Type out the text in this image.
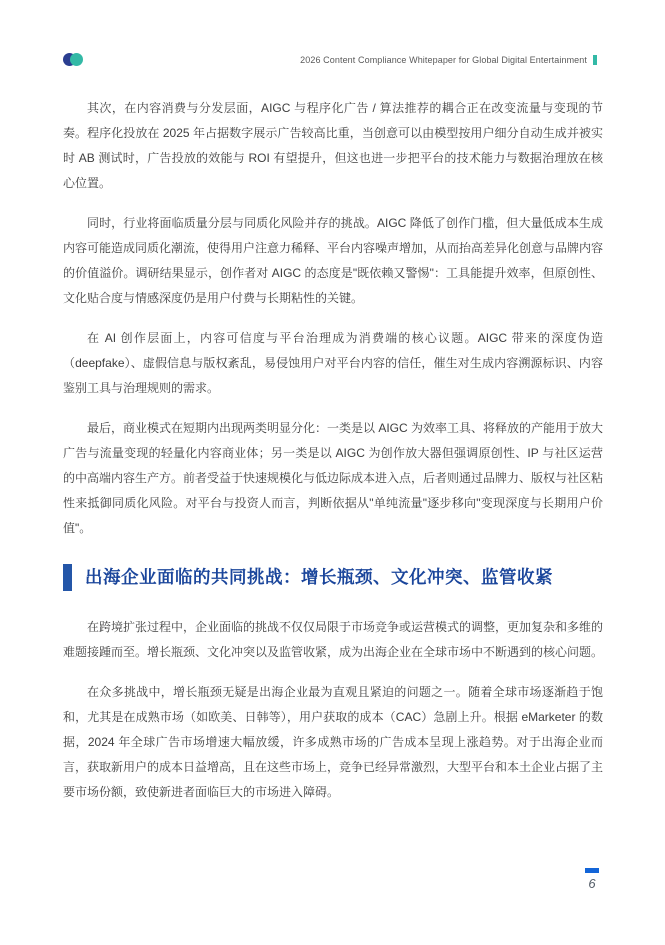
2026 Content Compliance Whitepaper for Global Digital Entertainment

其次，在内容消费与分发层面，AIGC 与程序化广告 / 算法推荐的耦合正在改变流量与变现的节奏。程序化投放在 2025 年占据数字展示广告较高比重，当创意可以由模型按用户细分自动生成并被实时 AB 测试时，广告投放的效能与 ROI 有望提升，但这也进一步把平台的技术能力与数据治理放在核心位置。

同时，行业将面临质量分层与同质化风险并存的挑战。AIGC 降低了创作门槛，但大量低成本生成内容可能造成同质化潮流，使得用户注意力稀释、平台内容噪声增加，从而抬高差异化创意与品牌内容的价值溢价。调研结果显示，创作者对 AIGC 的态度是"既依赖又警惕"：工具能提升效率，但原创性、文化贴合度与情感深度仍是用户付费与长期粘性的关键。

在 AI 创作层面上，内容可信度与平台治理成为消费端的核心议题。AIGC 带来的深度伪造（deepfake）、虚假信息与版权紊乱，易侵蚀用户对平台内容的信任，催生对生成内容溯源标识、内容鉴别工具与治理规则的需求。

最后，商业模式在短期内出现两类明显分化：一类是以 AIGC 为效率工具、将释放的产能用于放大广告与流量变现的轻量化内容商业体；另一类是以 AIGC 为创作放大器但强调原创性、IP 与社区运营的中高端内容生产方。前者受益于快速规模化与低边际成本进入点，后者则通过品牌力、版权与社区粘性来抵御同质化风险。对平台与投资人而言，判断依据从"单纯流量"逐步移向"变现深度与长期用户价值"。

出海企业面临的共同挑战：增长瓶颈、文化冲突、监管收紧

在跨境扩张过程中，企业面临的挑战不仅仅局限于市场竞争或运营模式的调整，更加复杂和多维的难题接踵而至。增长瓶颈、文化冲突以及监管收紧，成为出海企业在全球市场中不断遇到的核心问题。

在众多挑战中，增长瓶颈无疑是出海企业最为直观且紧迫的问题之一。随着全球市场逐渐趋于饱和，尤其是在成熟市场（如欧美、日韩等），用户获取的成本（CAC）急剧上升。根据 eMarketer 的数据，2024 年全球广告市场增速大幅放缓，许多成熟市场的广告成本呈现上涨趋势。对于出海企业而言，获取新用户的成本日益增高，且在这些市场上，竞争已经异常激烈，大型平台和本土企业占据了主要市场份额，致使新进者面临巨大的市场进入障碍。

6
